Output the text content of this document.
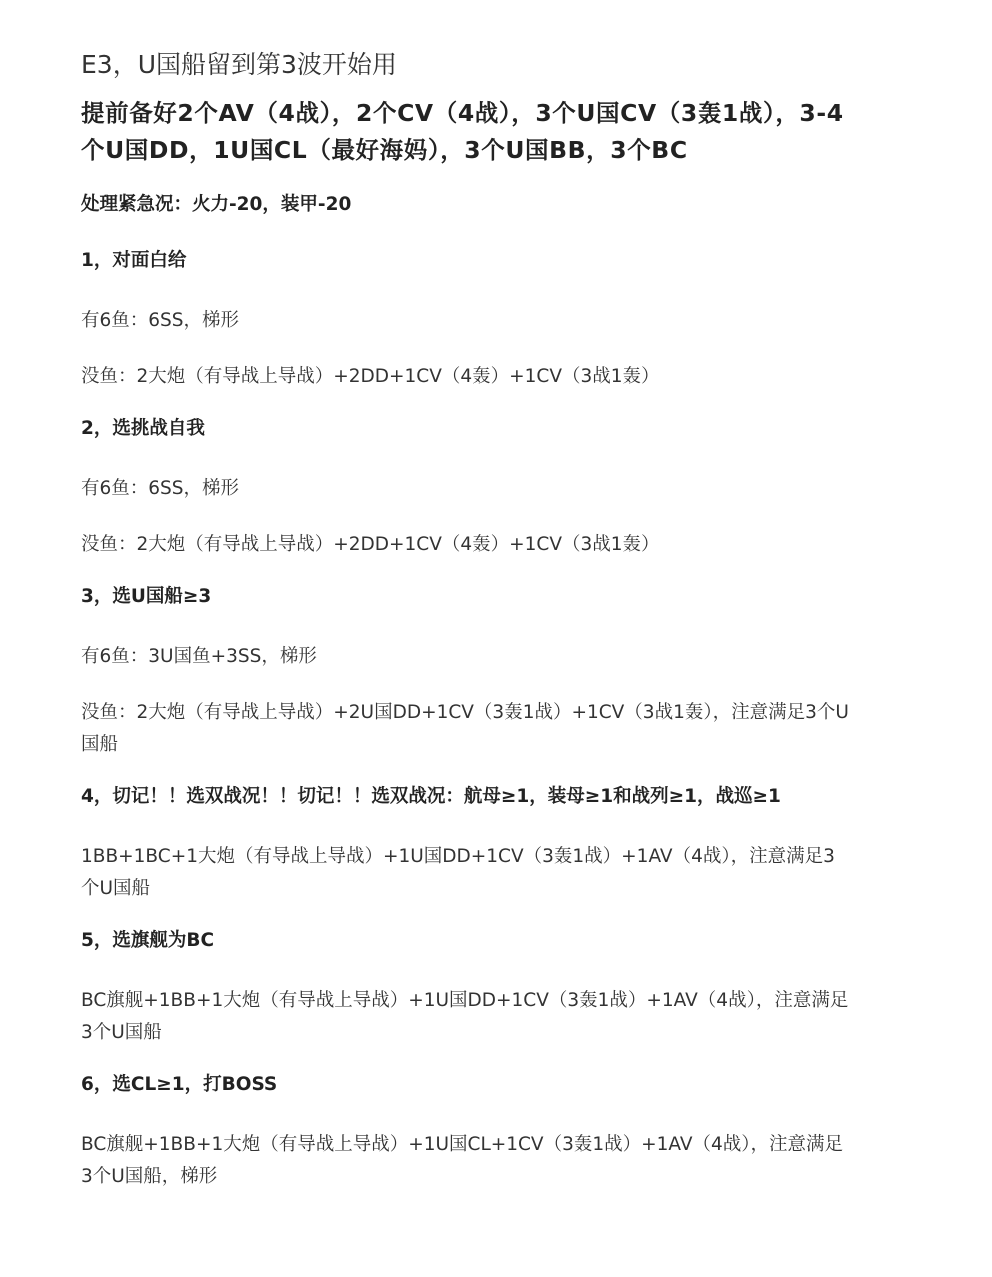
E3，U国船留到第3波开始用
提前备好2个AV（4战），2个CV（4战），3个U国CV（3轰1战），3-4个U国DD，1U国CL（最好海妈），3个U国BB，3个BC
处理紧急况：火力-20，装甲-20
1，对面白给
有6鱼：6SS，梯形
没鱼：2大炮（有导战上导战）+2DD+1CV（4轰）+1CV（3战1轰）
2，选挑战自我
有6鱼：6SS，梯形
没鱼：2大炮（有导战上导战）+2DD+1CV（4轰）+1CV（3战1轰）
3，选U国船≥3
有6鱼：3U国鱼+3SS，梯形
没鱼：2大炮（有导战上导战）+2U国DD+1CV（3轰1战）+1CV（3战1轰），注意满足3个U国船
4，切记！！选双战况！！切记！！选双战况：航母≥1，装母≥1和战列≥1，战巡≥1
1BB+1BC+1大炮（有导战上导战）+1U国DD+1CV（3轰1战）+1AV（4战），注意满足3个U国船
5，选旗舰为BC
BC旗舰+1BB+1大炮（有导战上导战）+1U国DD+1CV（3轰1战）+1AV（4战），注意满足3个U国船
6，选CL≥1，打BOSS
BC旗舰+1BB+1大炮（有导战上导战）+1U国CL+1CV（3轰1战）+1AV（4战），注意满足3个U国船，梯形
